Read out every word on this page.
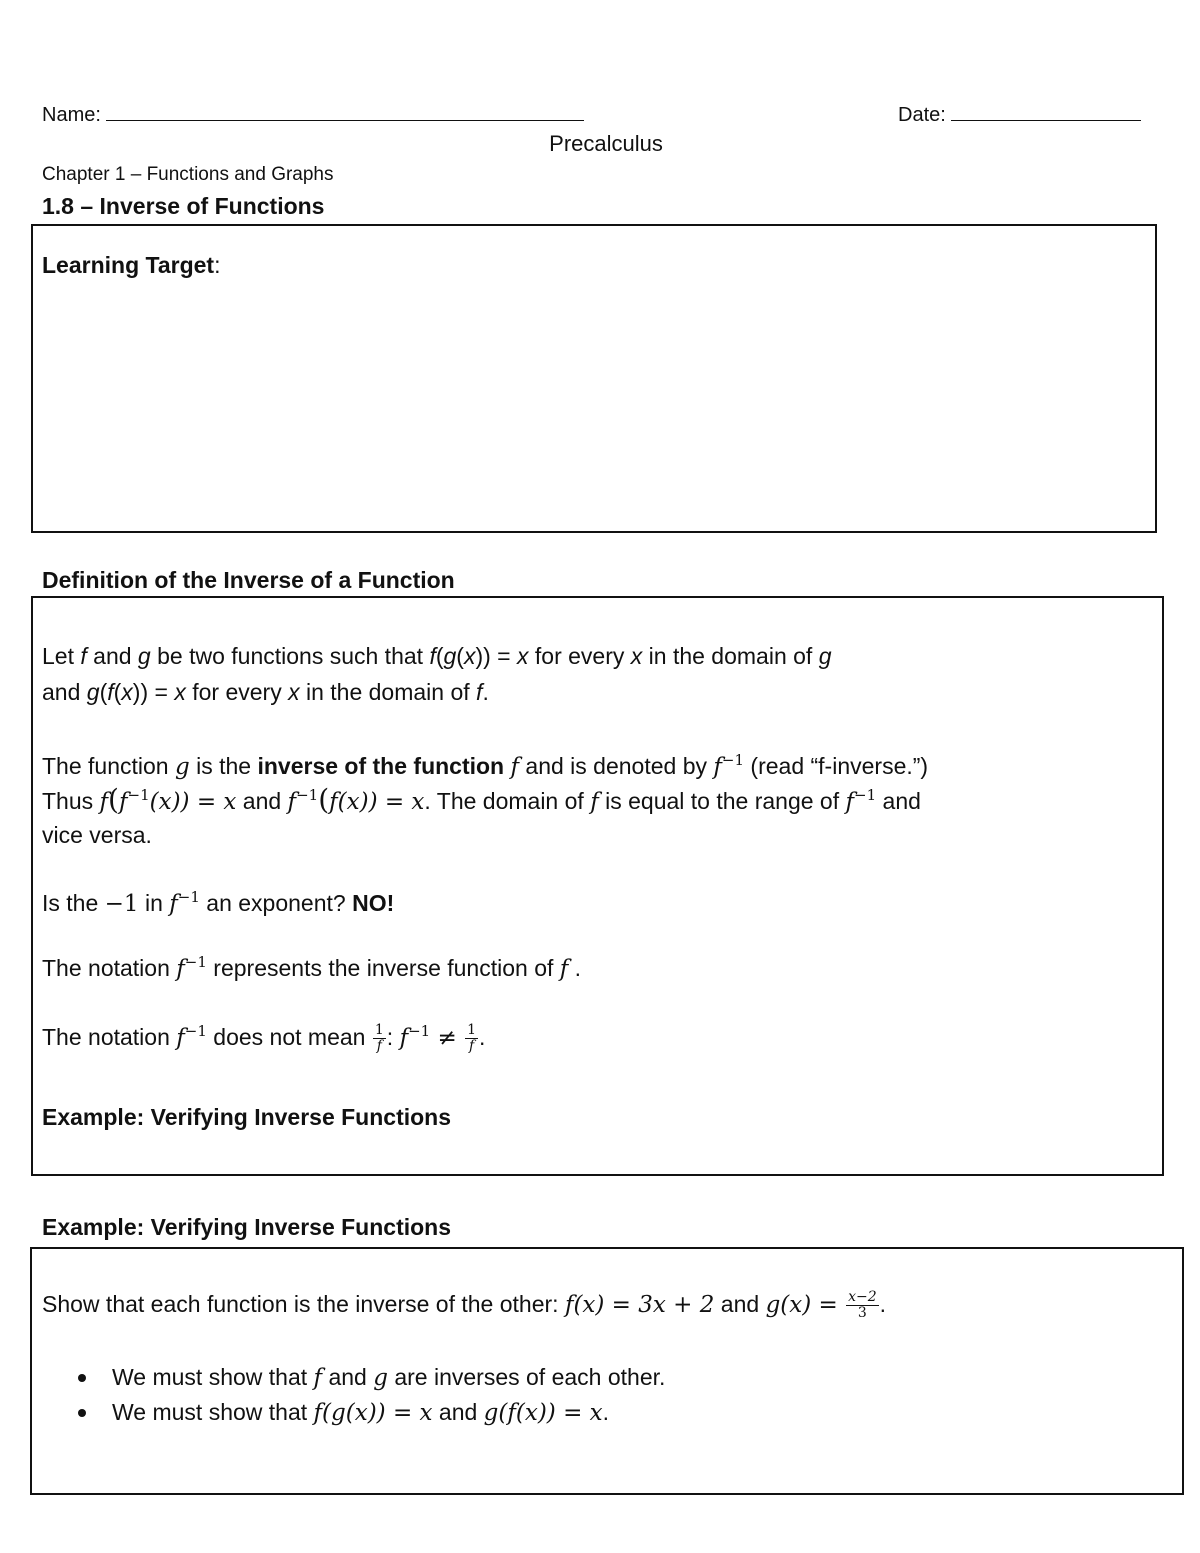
Name:	Date:
Precalculus
Chapter 1 – Functions and Graphs
1.8 – Inverse of Functions
Learning Target:
Definition of the Inverse of a Function
Let f and g be two functions such that f(g(x)) = x for every x in the domain of g
and g(f(x)) = x for every x in the domain of f.
The function g is the inverse of the function f and is denoted by $f^{-1}$ (read “f-inverse.”)
Thus $f(f^{-1}(x)) = x$ and $f^{-1}(f(x)) = x$. The domain of f is equal to the range of $f^{-1}$ and
vice versa.
Is the −1 in $f^{-1}$ an exponent? NO!
The notation $f^{-1}$ represents the inverse function of f .
The notation $f^{-1}$ does not mean $\frac{1}{f}$ : $f^{-1} \ne \frac{1}{f}$ .
Example: Verifying Inverse Functions
Example: Verifying Inverse Functions
Show that each function is the inverse of the other: f(x) = 3x + 2 and $g(x) = \frac{x-2}{3}$ .
We must show that f and g are inverses of each other.
We must show that f(g(x)) = x and g(f(x)) = x.
